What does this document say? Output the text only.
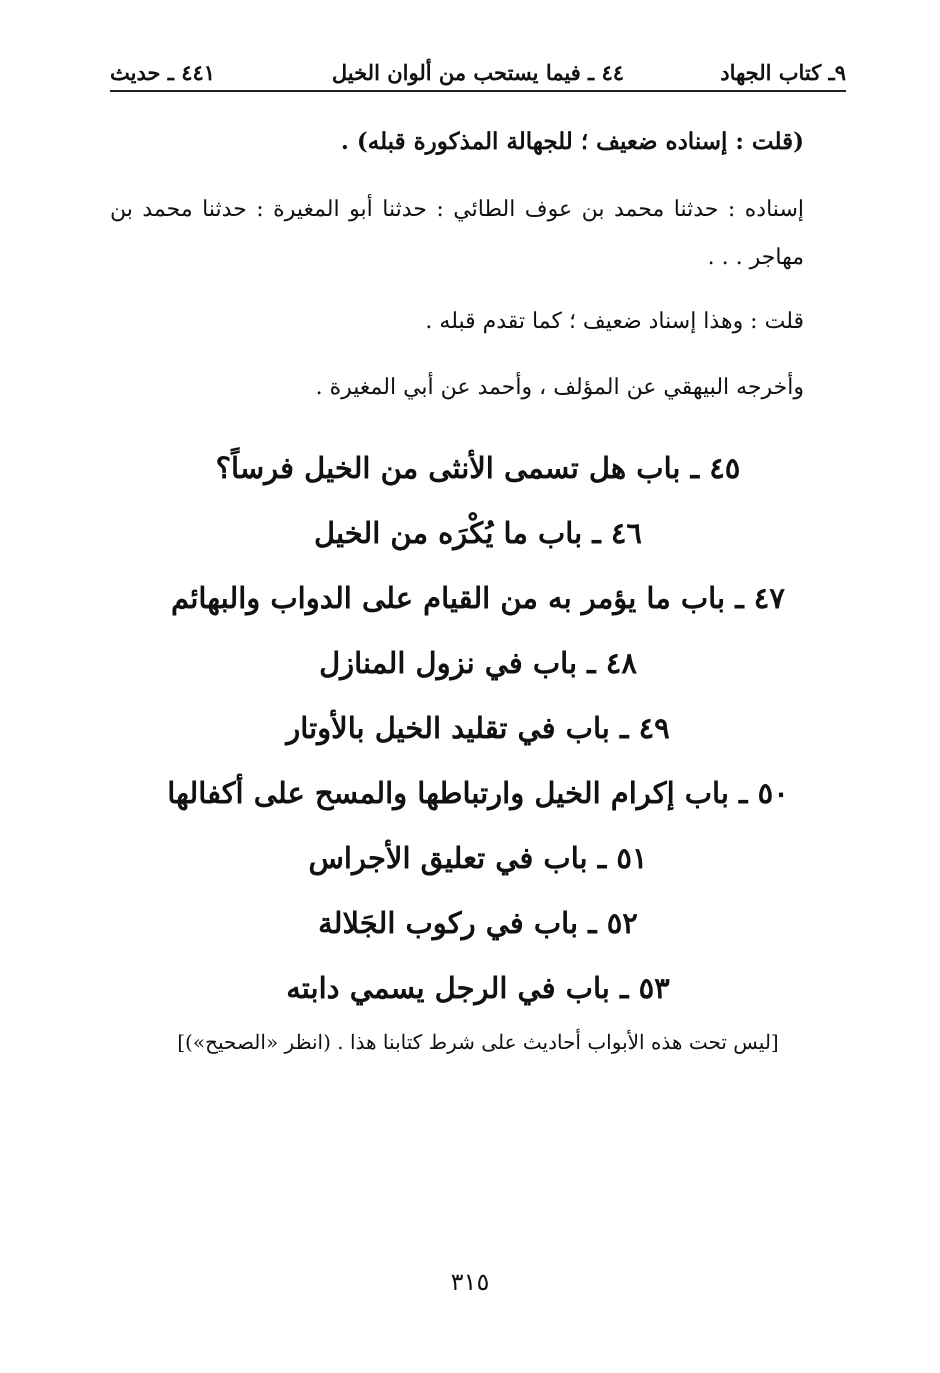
٩ـ كتاب الجهاد
٤٤ ـ فيما يستحب من ألوان الخيل
٤٤١ ـ حديث
(قلت : إسناده ضعيف ؛ للجهالة المذكورة قبله) .
إسناده : حدثنا محمد بن عوف الطائي : حدثنا أبو المغيرة : حدثنا محمد بن مهاجر . . .
قلت : وهذا إسناد ضعيف ؛ كما تقدم قبله .
وأخرجه البيهقي عن المؤلف ، وأحمد عن أبي المغيرة .
٤٥ ـ باب هل تسمى الأنثى من الخيل فرساً؟
٤٦ ـ باب ما يُكْرَه من الخيل
٤٧ ـ باب ما يؤمر به من القيام على الدواب والبهائم
٤٨ ـ باب في نزول المنازل
٤٩ ـ باب في تقليد الخيل بالأوتار
٥٠ ـ باب إكرام الخيل وارتباطها والمسح على أكفالها
٥١ ـ باب في تعليق الأجراس
٥٢ ـ باب في ركوب الجَلالة
٥٣ ـ باب في الرجل يسمي دابته
[ليس تحت هذه الأبواب أحاديث على شرط كتابنا هذا . (انظر «الصحيح»)]
٣١٥
